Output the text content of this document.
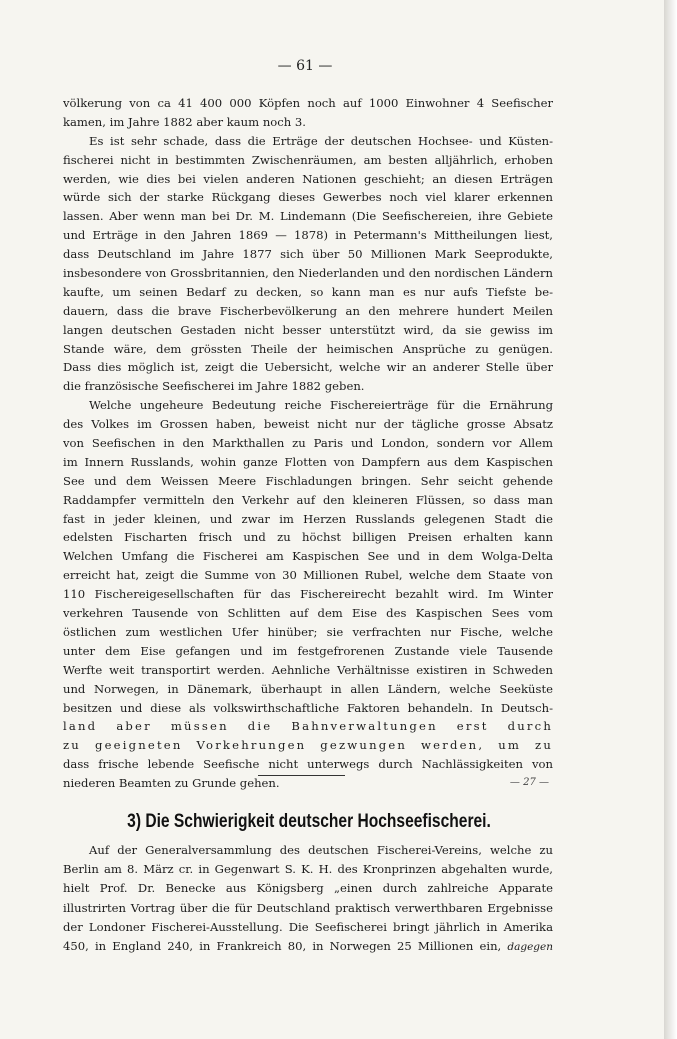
— 61 —
völkerung von ca 41 400 000 Köpfen noch auf 1000 Einwohner 4 Seefischer
kamen, im Jahre 1882 aber kaum noch 3.
Es ist sehr schade, dass die Erträge der deutschen Hochsee- und Küsten-
fischerei nicht in bestimmten Zwischenräumen, am besten alljährlich, erhoben
werden, wie dies bei vielen anderen Nationen geschieht; an diesen Erträgen
würde sich der starke Rückgang dieses Gewerbes noch viel klarer erkennen
lassen. Aber wenn man bei Dr. M. Lindemann (Die Seefischereien, ihre Gebiete
und Erträge in den Jahren 1869 — 1878) in Petermann's Mittheilungen liest,
dass Deutschland im Jahre 1877 sich über 50 Millionen Mark Seeprodukte,
insbesondere von Grossbritannien, den Niederlanden und den nordischen Ländern
kaufte, um seinen Bedarf zu decken, so kann man es nur aufs Tiefste be-
dauern, dass die brave Fischerbevölkerung an den mehrere hundert Meilen
langen deutschen Gestaden nicht besser unterstützt wird, da sie gewiss im
Stande wäre, dem grössten Theile der heimischen Ansprüche zu genügen.
Dass dies möglich ist, zeigt die Uebersicht, welche wir an anderer Stelle über
die französische Seefischerei im Jahre 1882 geben.
Welche ungeheure Bedeutung reiche Fischereierträge für die Ernährung
des Volkes im Grossen haben, beweist nicht nur der tägliche grosse Absatz
von Seefischen in den Markthallen zu Paris und London, sondern vor Allem
im Innern Russlands, wohin ganze Flotten von Dampfern aus dem Kaspischen
See und dem Weissen Meere Fischladungen bringen. Sehr seicht gehende
Raddampfer vermitteln den Verkehr auf den kleineren Flüssen, so dass man
fast in jeder kleinen, und zwar im Herzen Russlands gelegenen Stadt die
edelsten Fischarten frisch und zu höchst billigen Preisen erhalten kann
Welchen Umfang die Fischerei am Kaspischen See und in dem Wolga-Delta
erreicht hat, zeigt die Summe von 30 Millionen Rubel, welche dem Staate von
110 Fischereigesellschaften für das Fischereirecht bezahlt wird. Im Winter
verkehren Tausende von Schlitten auf dem Eise des Kaspischen Sees vom
östlichen zum westlichen Ufer hinüber; sie verfrachten nur Fische, welche
unter dem Eise gefangen und im festgefrorenen Zustande viele Tausende
Werfte weit transportirt werden. Aehnliche Verhältnisse existiren in Schweden
und Norwegen, in Dänemark, überhaupt in allen Ländern, welche Seeküste
besitzen und diese als volkswirthschaftliche Faktoren behandeln. In Deutsch-
land aber müssen die Bahnverwaltungen erst durch
zu geeigneten Vorkehrungen gezwungen werden, um zu
dass frische lebende Seefische nicht unterwegs durch Nachlässigkeiten von
niederen Beamten zu Grunde gehen.	— 27 —
3) Die Schwierigkeit deutscher Hochseefischerei.
Auf der Generalversammlung des deutschen Fischerei-Vereins, welche zu
Berlin am 8. März cr. in Gegenwart S. K. H. des Kronprinzen abgehalten wurde,
hielt Prof. Dr. Benecke aus Königsberg „einen durch zahlreiche Apparate
illustrirten Vortrag über die für Deutschland praktisch verwerthbaren Ergebnisse
der Londoner Fischerei-Ausstellung. Die Seefischerei bringt jährlich in Amerika
450, in England 240, in Frankreich 80, in Norwegen 25 Millionen ein, dagegen
